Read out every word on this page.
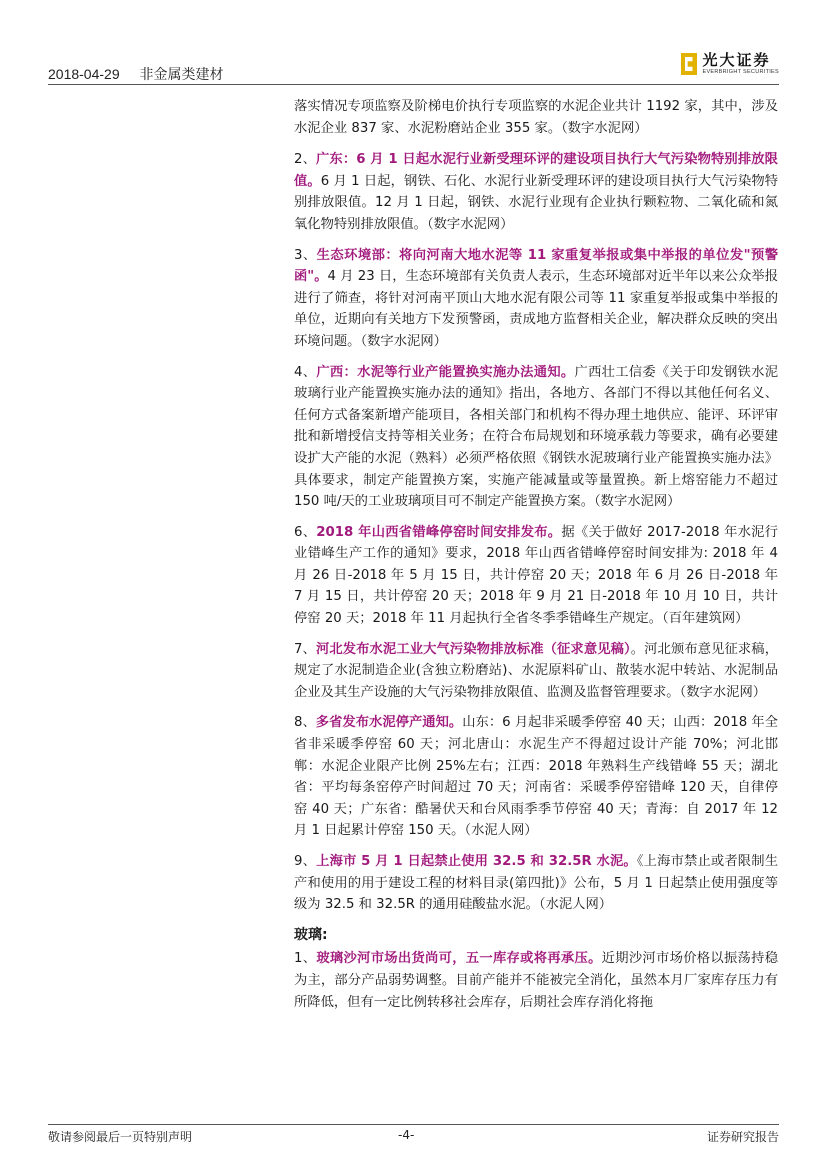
2018-04-29 非金属类建材
光大证券
EVERBRIGHT SECURITIES

落实情况专项监察及阶梯电价执行专项监察的水泥企业共计 1192 家，其中，涉及水泥企业 837 家、水泥粉磨站企业 355 家。（数字水泥网）

2、广东：6 月 1 日起水泥行业新受理环评的建设项目执行大气污染物特别排放限值。6 月 1 日起，钢铁、石化、水泥行业新受理环评的建设项目执行大气污染物特别排放限值。12 月 1 日起，钢铁、水泥行业现有企业执行颗粒物、二氧化硫和氮氧化物特别排放限值。（数字水泥网）

3、生态环境部：将向河南大地水泥等 11 家重复举报或集中举报的单位发"预警函"。4 月 23 日，生态环境部有关负责人表示，生态环境部对近半年以来公众举报进行了筛查，将针对河南平顶山大地水泥有限公司等 11 家重复举报或集中举报的单位，近期向有关地方下发预警函，责成地方监督相关企业，解决群众反映的突出环境问题。（数字水泥网）

4、广西：水泥等行业产能置换实施办法通知。广西壮工信委《关于印发钢铁水泥玻璃行业产能置换实施办法的通知》指出，各地方、各部门不得以其他任何名义、任何方式备案新增产能项目，各相关部门和机构不得办理土地供应、能评、环评审批和新增授信支持等相关业务；在符合布局规划和环境承载力等要求，确有必要建设扩大产能的水泥（熟料）必须严格依照《钢铁水泥玻璃行业产能置换实施办法》具体要求，制定产能置换方案，实施产能减量或等量置换。新上熔窑能力不超过 150 吨/天的工业玻璃项目可不制定产能置换方案。（数字水泥网）

6、2018 年山西省错峰停窑时间安排发布。据《关于做好 2017-2018 年水泥行业错峰生产工作的通知》要求，2018 年山西省错峰停窑时间安排为: 2018 年 4 月 26 日-2018 年 5 月 15 日，共计停窑 20 天；2018 年 6 月 26 日-2018 年 7 月 15 日，共计停窑 20 天；2018 年 9 月 21 日-2018 年 10 月 10 日，共计停窑 20 天；2018 年 11 月起执行全省冬季季错峰生产规定。（百年建筑网）

7、河北发布水泥工业大气污染物排放标准（征求意见稿）。河北颁布意见征求稿，规定了水泥制造企业(含独立粉磨站)、水泥原料矿山、散装水泥中转站、水泥制品企业及其生产设施的大气污染物排放限值、监测及监督管理要求。（数字水泥网）

8、多省发布水泥停产通知。山东：6 月起非采暖季停窑 40 天；山西：2018 年全省非采暖季停窑 60 天；河北唐山：水泥生产不得超过设计产能 70%；河北邯郸：水泥企业限产比例 25%左右；江西：2018 年熟料生产线错峰 55 天；湖北省：平均每条窑停产时间超过 70 天；河南省：采暖季停窑错峰 120 天，自律停窑 40 天；广东省：酷暑伏天和台风雨季季节停窑 40 天；青海：自 2017 年 12 月 1 日起累计停窑 150 天。（水泥人网）

9、上海市 5 月 1 日起禁止使用 32.5 和 32.5R 水泥。《上海市禁止或者限制生产和使用的用于建设工程的材料目录(第四批)》公布，5 月 1 日起禁止使用强度等级为 32.5 和 32.5R 的通用硅酸盐水泥。（水泥人网）

玻璃:

1、玻璃沙河市场出货尚可，五一库存或将再承压。近期沙河市场价格以振荡持稳为主，部分产品弱势调整。目前产能并不能被完全消化，虽然本月厂家库存压力有所降低，但有一定比例转移社会库存，后期社会库存消化将拖

敬请参阅最后一页特别声明	-4-	证券研究报告
